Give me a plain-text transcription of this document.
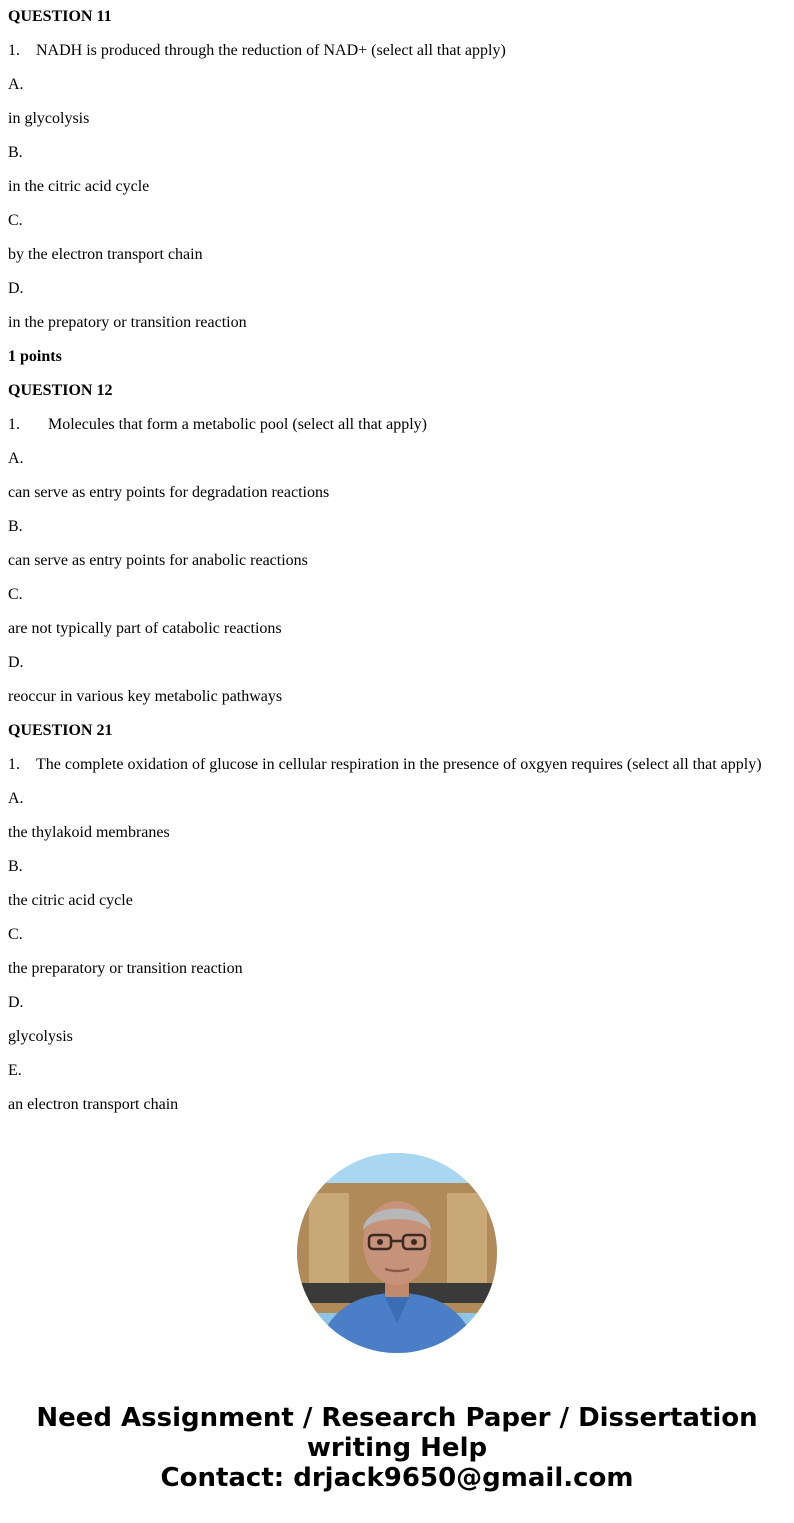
QUESTION 11
1. NADH is produced through the reduction of NAD+ (select all that apply)
A.
in glycolysis
B.
in the citric acid cycle
C.
by the electron transport chain
D.
in the prepatory or transition reaction
1 points
QUESTION 12
1. Molecules that form a metabolic pool (select all that apply)
A.
can serve as entry points for degradation reactions
B.
can serve as entry points for anabolic reactions
C.
are not typically part of catabolic reactions
D.
reoccur in various key metabolic pathways
QUESTION 21
1. The complete oxidation of glucose in cellular respiration in the presence of oxgyen requires (select all that apply)
A.
the thylakoid membranes
B.
the citric acid cycle
C.
the preparatory or transition reaction
D.
glycolysis
E.
an electron transport chain
Need Assignment / Research Paper / Dissertation
writing Help
Contact: drjack9650@gmail.com
